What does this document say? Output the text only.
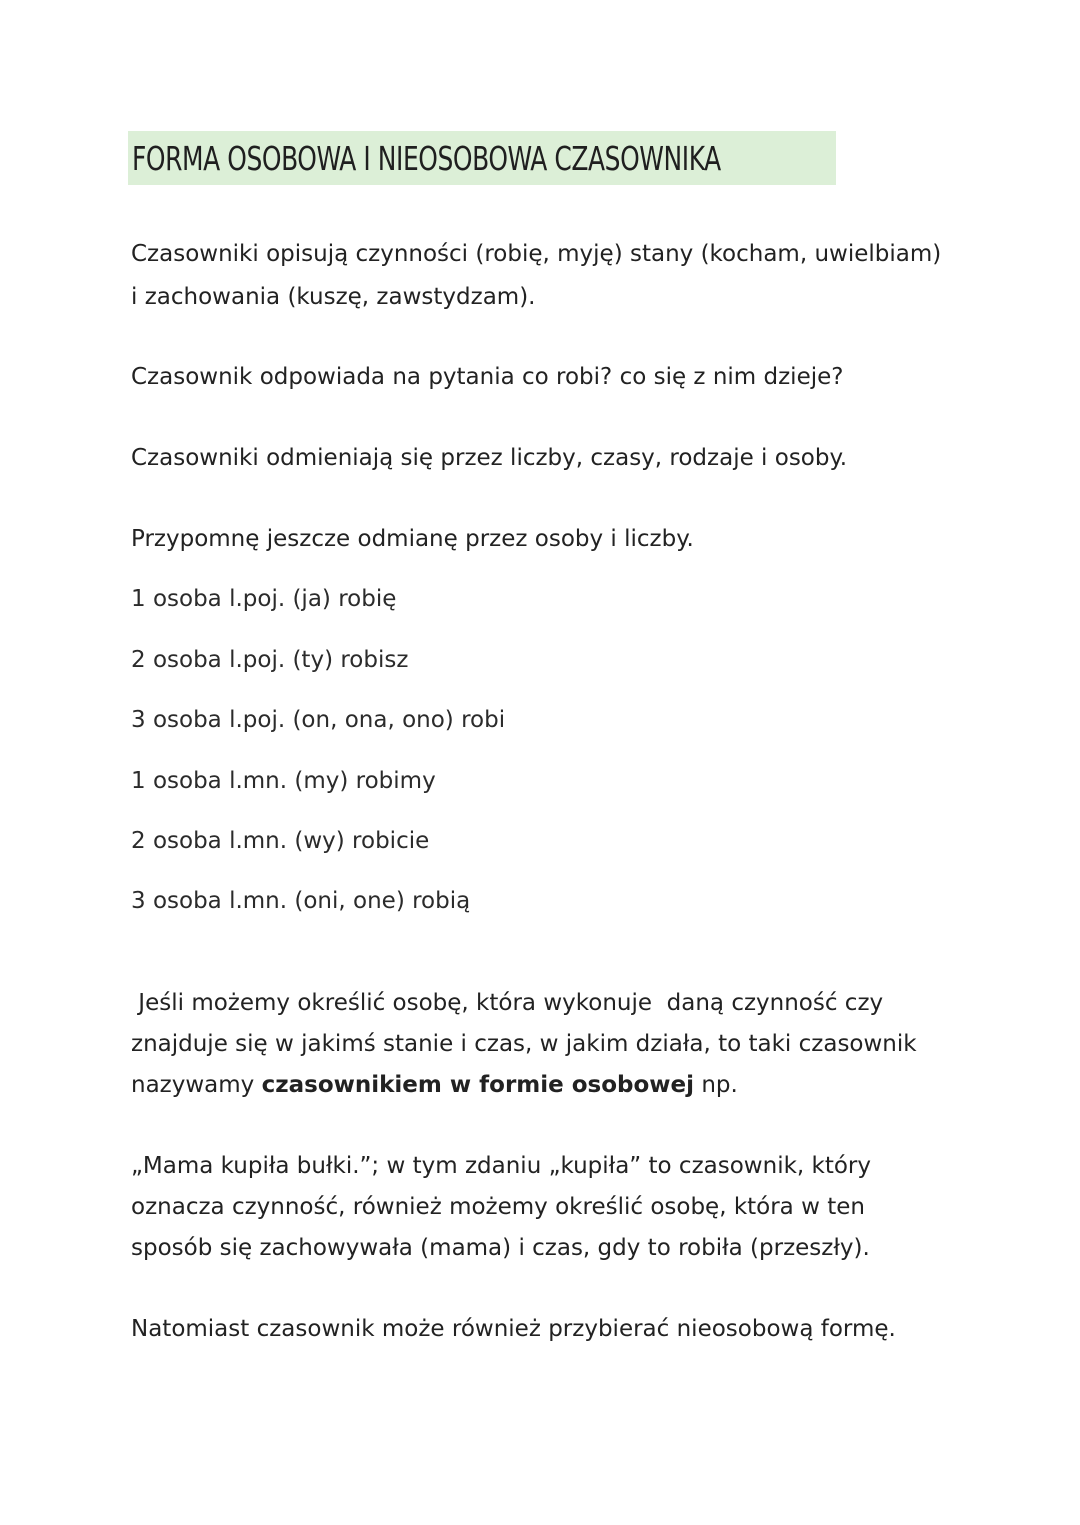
FORMA OSOBOWA I NIEOSOBOWA CZASOWNIKA

Czasowniki opisują czynności (robię, myję) stany (kocham, uwielbiam)

i zachowania (kuszę, zawstydzam).

Czasownik odpowiada na pytania co robi? co się z nim dzieje?

Czasowniki odmieniają się przez liczby, czasy, rodzaje i osoby.

Przypomnę jeszcze odmianę przez osoby i liczby.

1 osoba l.poj. (ja) robię
2 osoba l.poj. (ty) robisz
3 osoba l.poj. (on, ona, ono) robi
1 osoba l.mn. (my) robimy
2 osoba l.mn. (wy) robicie
3 osoba l.mn. (oni, one) robią

Jeśli możemy określić osobę, która wykonuje  daną czynność czy

znajduje się w jakimś stanie i czas, w jakim działa, to taki czasownik

nazywamy czasownikiem w formie osobowej np.

„Mama kupiła bułki.”; w tym zdaniu „kupiła” to czasownik, który

oznacza czynność, również możemy określić osobę, która w ten

sposób się zachowywała (mama) i czas, gdy to robiła (przeszły).

Natomiast czasownik może również przybierać nieosobową formę.
